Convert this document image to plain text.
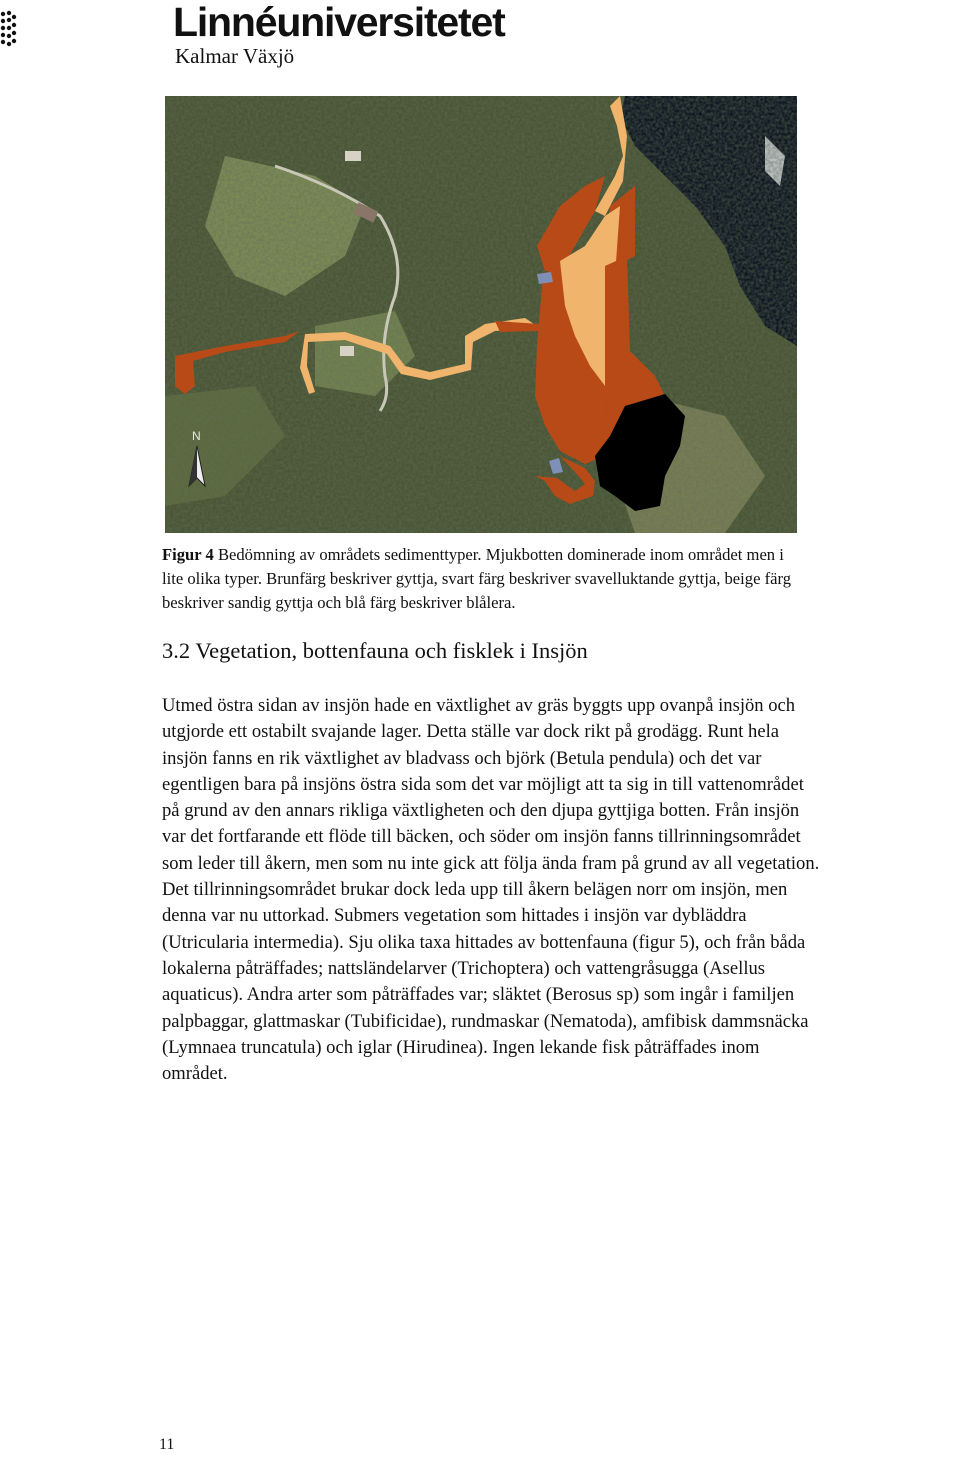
Linnéuniversitetet

Kalmar Växjö

N

Figur 4 Bedömning av områdets sedimenttyper. Mjukbotten dominerade inom området men i lite olika typer. Brunfärg beskriver gyttja, svart färg beskriver svavelluktande gyttja, beige färg beskriver sandig gyttja och blå färg beskriver blålera.

3.2 Vegetation, bottenfauna och fisklek i Insjön

Utmed östra sidan av insjön hade en växtlighet av gräs byggts upp ovanpå insjön och
utgjorde ett ostabilt svajande lager. Detta ställe var dock rikt på grodägg. Runt hela
insjön fanns en rik växtlighet av bladvass och björk (Betula pendula) och det var
egentligen bara på insjöns östra sida som det var möjligt att ta sig in till vattenområdet
på grund av den annars rikliga växtligheten och den djupa gyttjiga botten. Från insjön
var det fortfarande ett flöde till bäcken, och söder om insjön fanns tillrinningsområdet
som leder till åkern, men som nu inte gick att följa ända fram på grund av all vegetation.
Det tillrinningsområdet brukar dock leda upp till åkern belägen norr om insjön, men
denna var nu uttorkad. Submers vegetation som hittades i insjön var dybläddra
(Utricularia intermedia). Sju olika taxa hittades av bottenfauna (figur 5), och från båda
lokalerna påträffades; nattsländelarver (Trichoptera) och vattengråsugga (Asellus
aquaticus). Andra arter som påträffades var; släktet (Berosus sp) som ingår i familjen
palpbaggar, glattmaskar (Tubificidae), rundmaskar (Nematoda), amfibisk dammsnäcka
(Lymnaea truncatula) och iglar (Hirudinea). Ingen lekande fisk påträffades inom
området.

11
